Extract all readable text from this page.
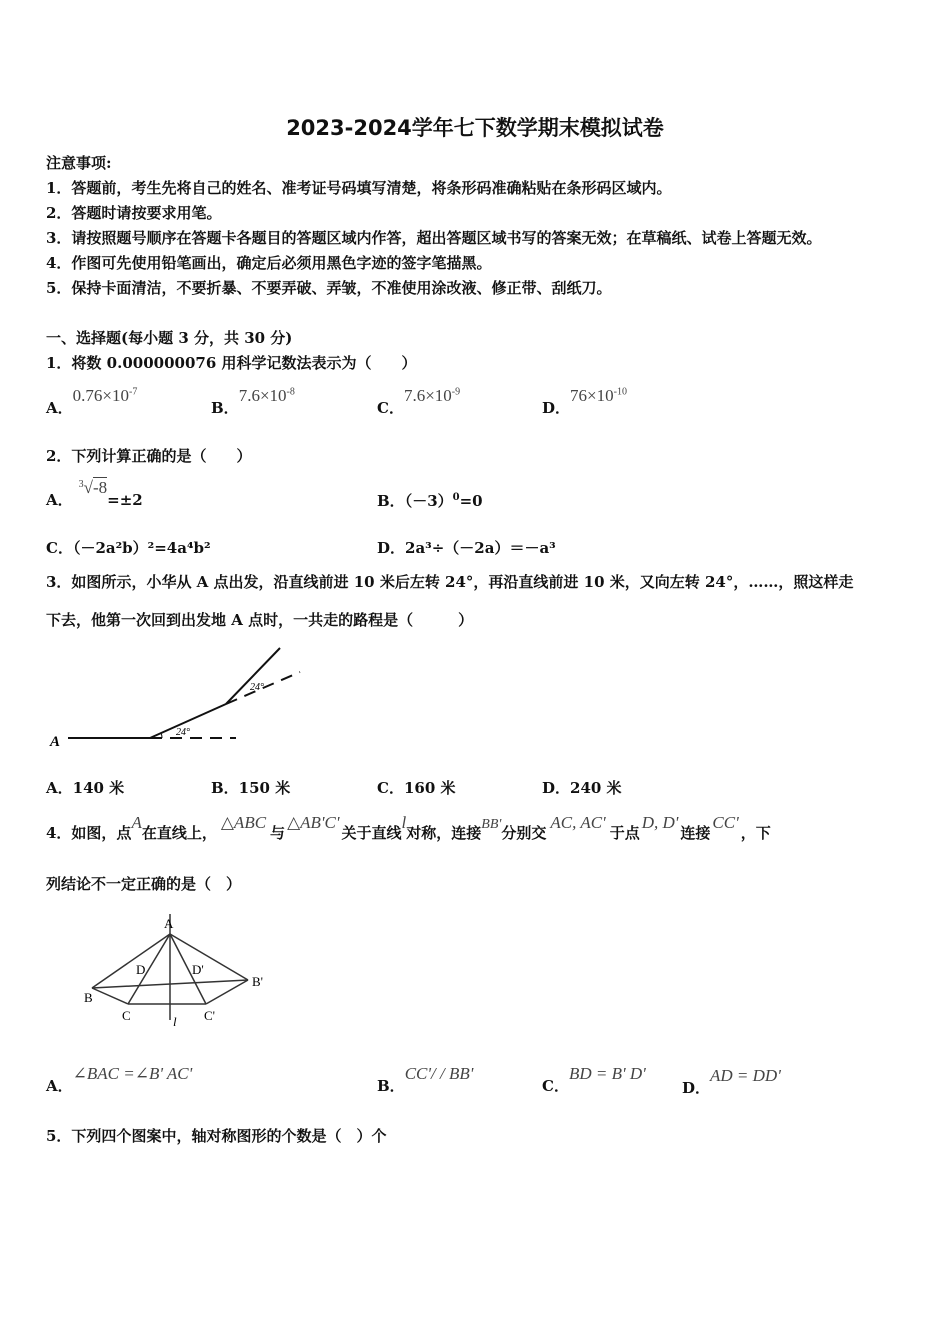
2023-2024学年七下数学期末模拟试卷
注意事项:
1．答题前，考生先将自己的姓名、准考证号码填写清楚，将条形码准确粘贴在条形码区域内。
2．答题时请按要求用笔。
3．请按照题号顺序在答题卡各题目的答题区域内作答，超出答题区域书写的答案无效；在草稿纸、试卷上答题无效。
4．作图可先使用铅笔画出，确定后必须用黑色字迹的签字笔描黑。
5．保持卡面清洁，不要折暴、不要弄破、弄皱，不准使用涂改液、修正带、刮纸刀。
一、选择题(每小题 3 分，共 30 分)
1．将数 0.000000076 用科学记数法表示为（　　）
A．$0.76\times 10^{-7}$
B．$7.6\times 10^{-8}$
C．$7.6\times 10^{-9}$
D．$76\times 10^{-10}$
2．下列计算正确的是（　　）
A．$^3$√-8=±2	B．$(-3)^0=0$
C．（－2a²b）²=4a⁴b²	D．2a³÷（－2a）＝－a³
3．如图所示，小华从 A 点出发，沿直线前进 10 米后左转 24°，再沿直线前进 10 米，又向左转 24°，……，照这样走
下去，他第一次回到出发地 A 点时，一共走的路程是（　　　）
A
24°
24°
A．140 米	B．150 米	C．160 米	D．240 米
4．如图，点A在直线上，△ABC与△AB'C'关于直线l对称，连接BB'分别交AC, AC'于点D, D'连接CC'，下
列结论不一定正确的是（　）
A
B
C
D	D'
B'
C'
l
A．∠BAC =∠B' AC'
B．CC'/ / BB'
C．BD = B' D'
D．AD = DD'
5．下列四个图案中，轴对称图形的个数是（　）个
